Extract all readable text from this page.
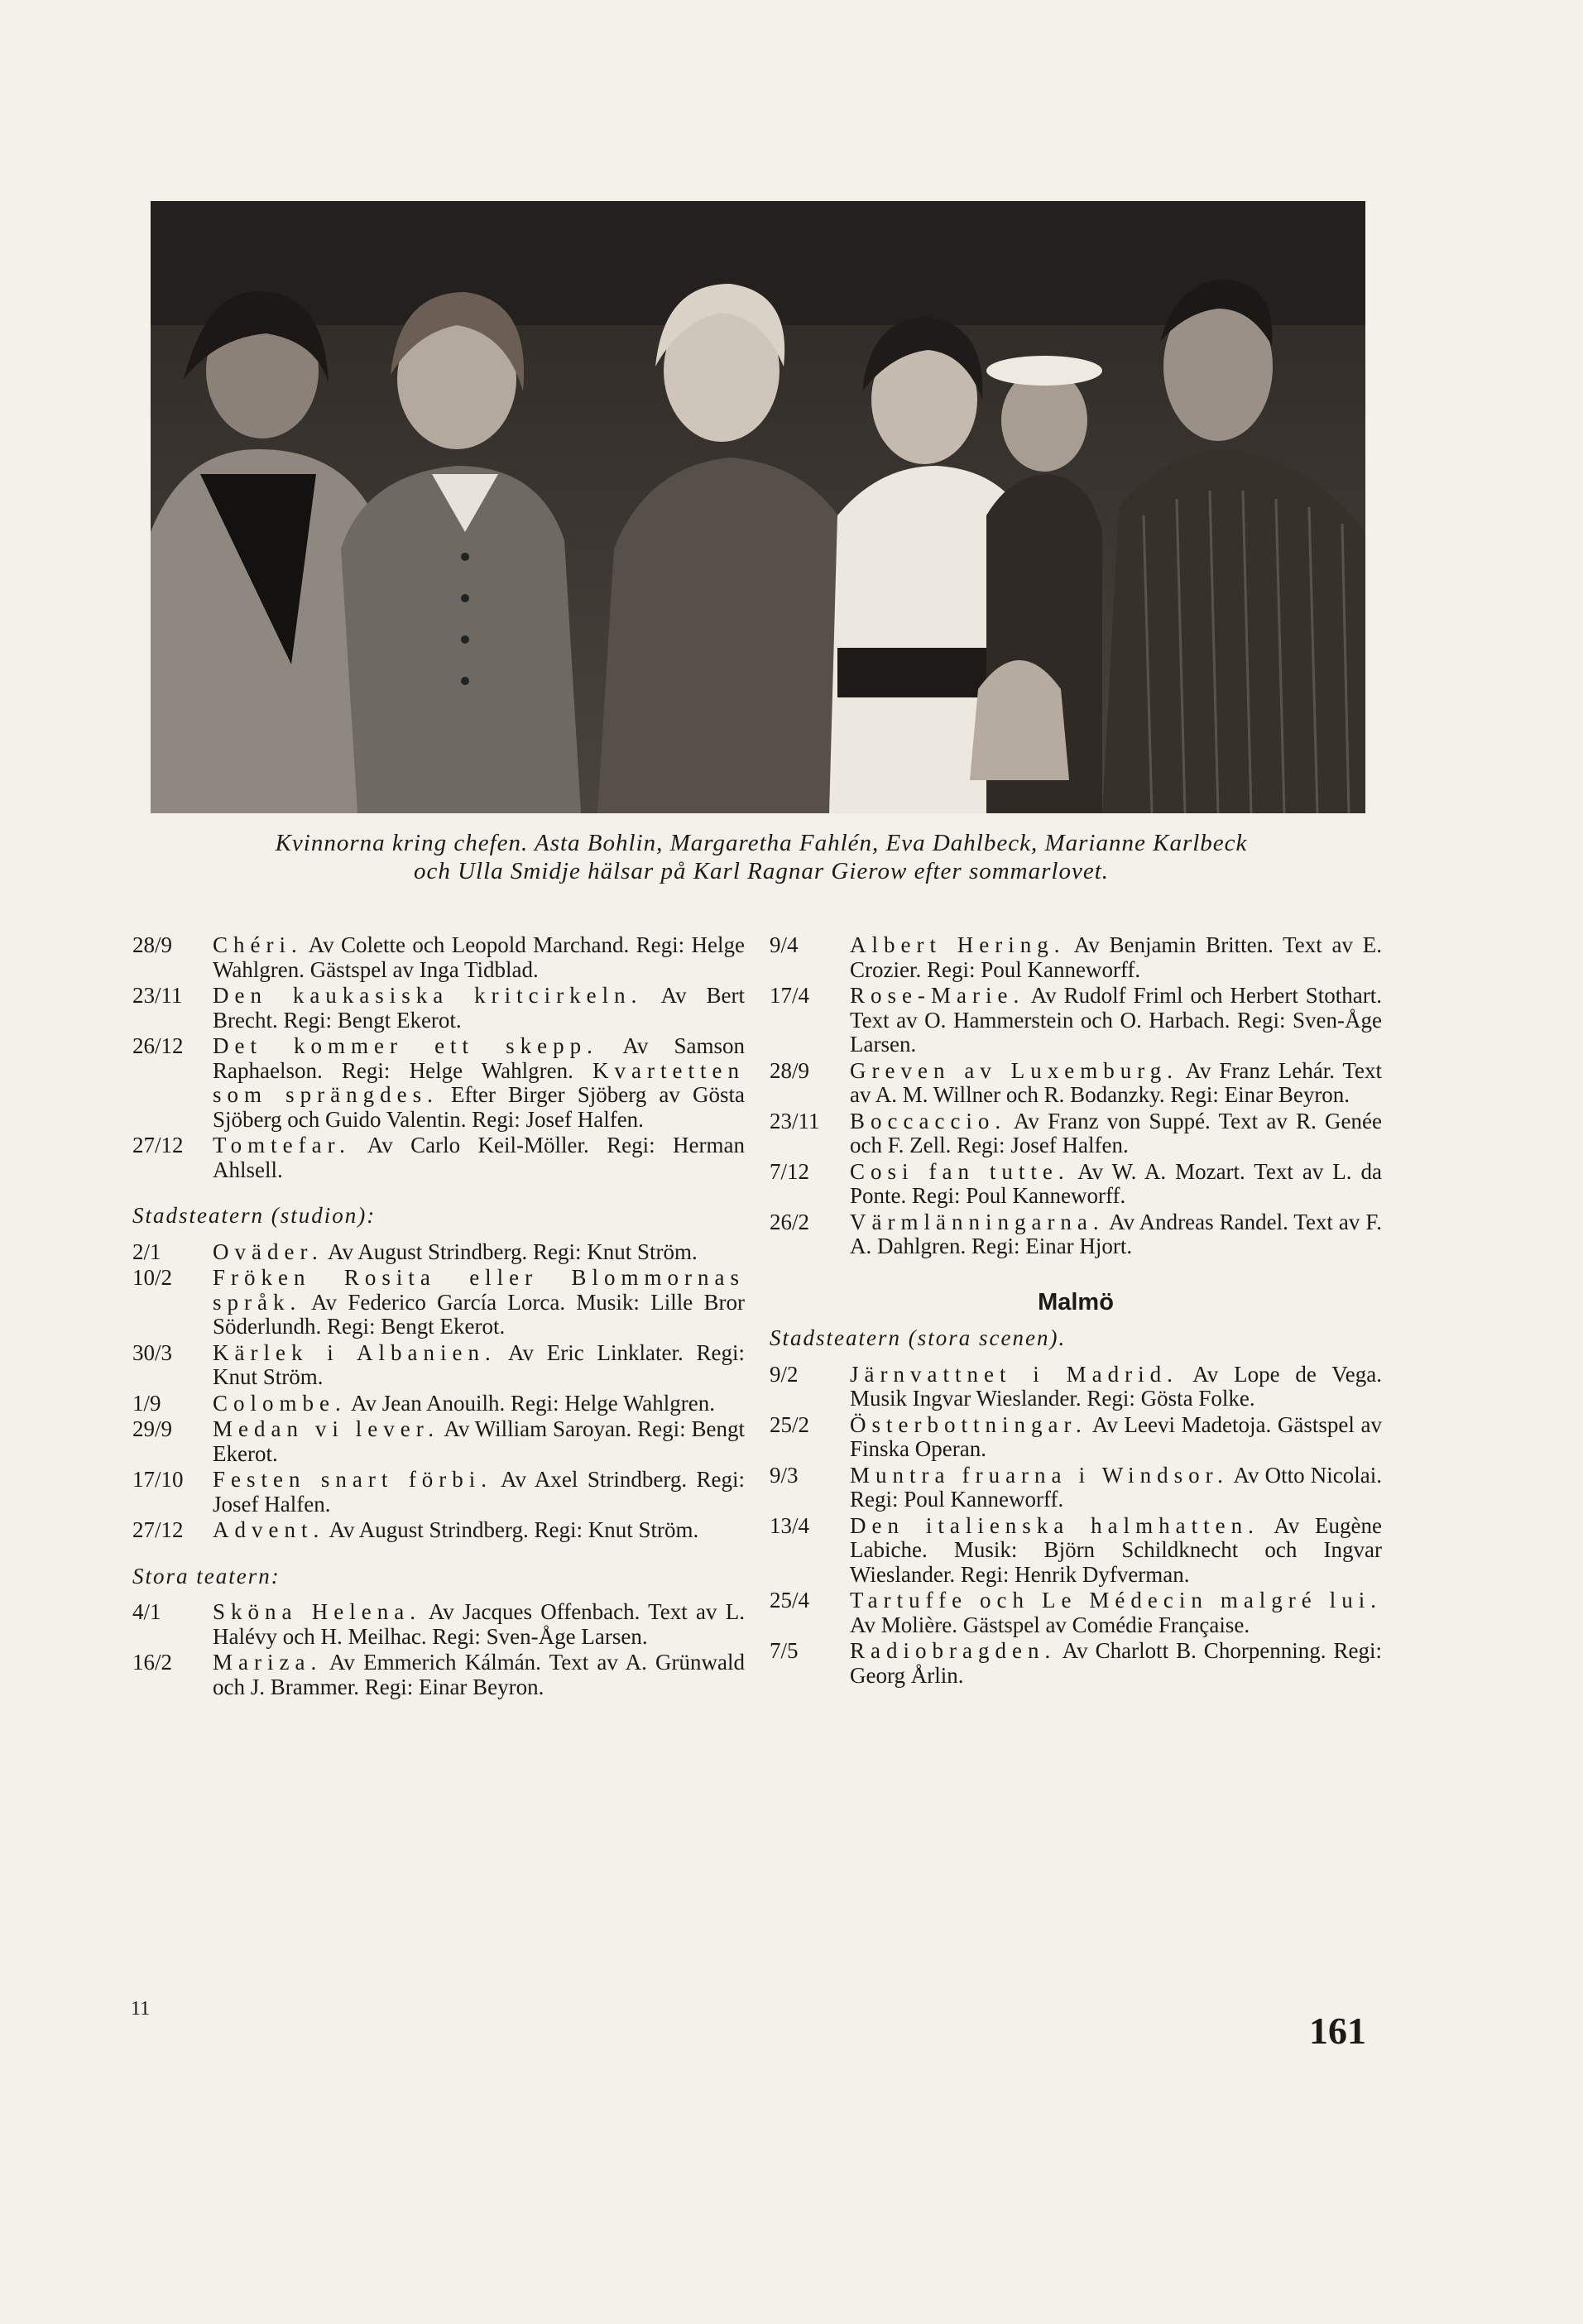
Kvinnorna kring chefen. Asta Bohlin, Margaretha Fahlén, Eva Dahlbeck, Marianne Karlbeck
och Ulla Smidje hälsar på Karl Ragnar Gierow efter sommarlovet.
28/9	Chéri. Av Colette och Leopold Marchand. Regi: Helge Wahlgren. Gästspel av Inga Tidblad.
23/11	Den kaukasiska kritcirkeln. Av Bert Brecht. Regi: Bengt Ekerot.
26/12	Det kommer ett skepp. Av Samson Raphaelson. Regi: Helge Wahlgren. Kvartetten som sprängdes. Efter Birger Sjöberg av Gösta Sjöberg och Guido Valentin. Regi: Josef Halfen.
27/12	Tomtefar. Av Carlo Keil-Möller. Regi: Herman Ahlsell.
Stadsteatern (studion):
2/1	Oväder. Av August Strindberg. Regi: Knut Ström.
10/2	Fröken Rosita eller Blommornas språk. Av Federico García Lorca. Musik: Lille Bror Söderlundh. Regi: Bengt Ekerot.
30/3	Kärlek i Albanien. Av Eric Linklater. Regi: Knut Ström.
1/9	Colombe. Av Jean Anouilh. Regi: Helge Wahlgren.
29/9	Medan vi lever. Av William Saroyan. Regi: Bengt Ekerot.
17/10	Festen snart förbi. Av Axel Strindberg. Regi: Josef Halfen.
27/12	Advent. Av August Strindberg. Regi: Knut Ström.
Stora teatern:
4/1	Sköna Helena. Av Jacques Offenbach. Text av L. Halévy och H. Meilhac. Regi: Sven-Åge Larsen.
16/2	Mariza. Av Emmerich Kálmán. Text av A. Grünwald och J. Brammer. Regi: Einar Beyron.
9/4	Albert Hering. Av Benjamin Britten. Text av E. Crozier. Regi: Poul Kanneworff.
17/4	Rose-Marie. Av Rudolf Friml och Herbert Stothart. Text av O. Hammerstein och O. Harbach. Regi: Sven-Åge Larsen.
28/9	Greven av Luxemburg. Av Franz Lehár. Text av A. M. Willner och R. Bodanzky. Regi: Einar Beyron.
23/11	Boccaccio. Av Franz von Suppé. Text av R. Genée och F. Zell. Regi: Josef Halfen.
7/12	Cosi fan tutte. Av W. A. Mozart. Text av L. da Ponte. Regi: Poul Kanneworff.
26/2	Värmlänningarna. Av Andreas Randel. Text av F. A. Dahlgren. Regi: Einar Hjort.
Malmö
Stadsteatern (stora scenen).
9/2	Järnvattnet i Madrid. Av Lope de Vega. Musik Ingvar Wieslander. Regi: Gösta Folke.
25/2	Österbottningar. Av Leevi Madetoja. Gästspel av Finska Operan.
9/3	Muntra fruarna i Windsor. Av Otto Nicolai. Regi: Poul Kanneworff.
13/4	Den italienska halmhatten. Av Eugène Labiche. Musik: Björn Schildknecht och Ingvar Wieslander. Regi: Henrik Dyfverman.
25/4	Tartuffe och Le Médecin malgré lui. Av Molière. Gästspel av Comédie Française.
7/5	Radiobragden. Av Charlott B. Chorpenning. Regi: Georg Årlin.
11
161
